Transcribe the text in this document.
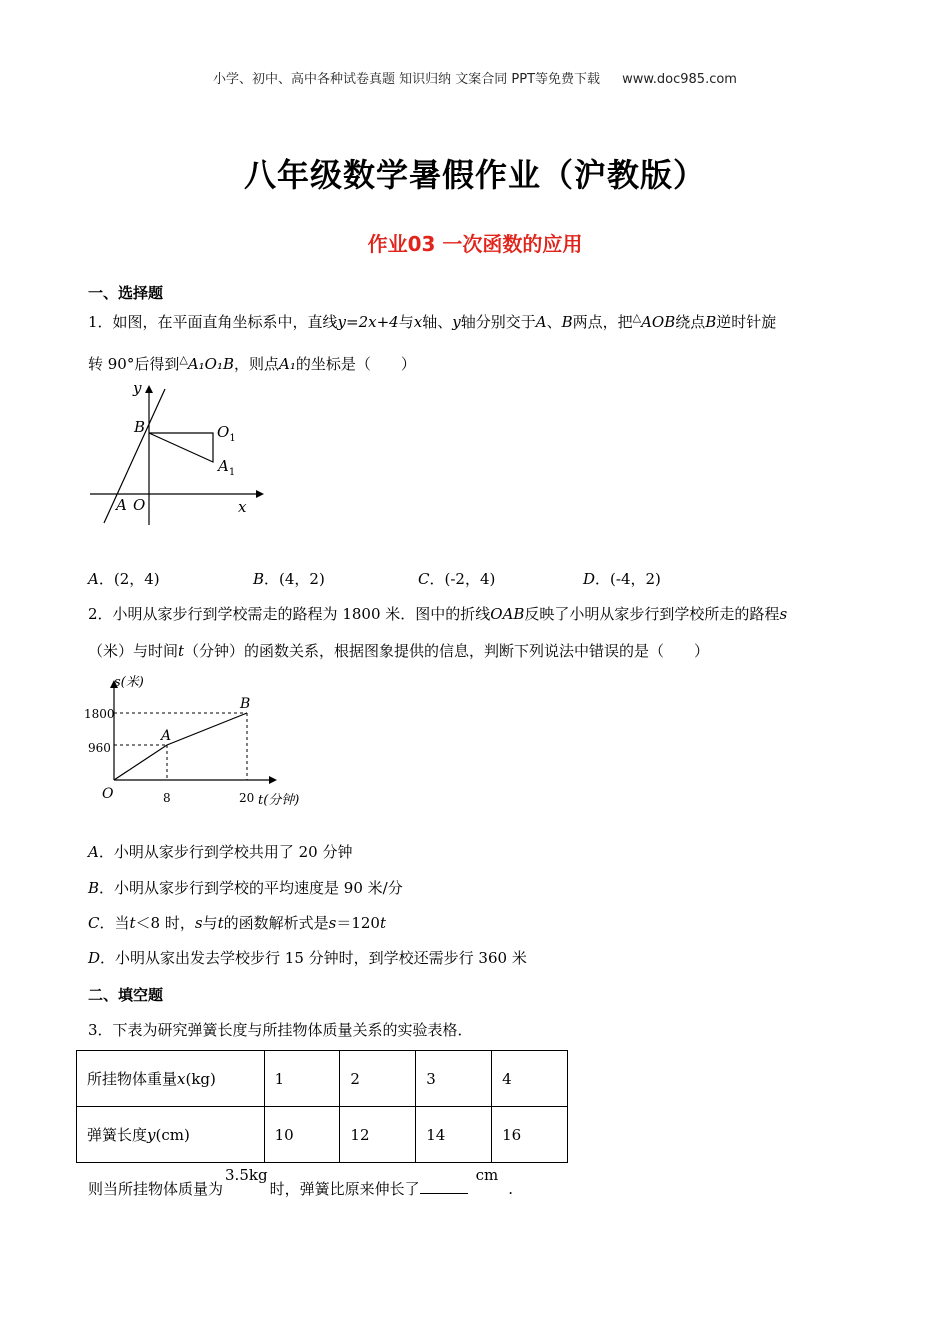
小学、初中、高中各种试卷真题 知识归纳 文案合同 PPT等免费下载 www.doc985.com
八年级数学暑假作业（沪教版）
作业03 一次函数的应用
一、选择题
1．如图，在平面直角坐标系中，直线y=2x+4与x轴、y轴分别交于A、B两点，把△AOB绕点B逆时针旋
转 90°后得到△A₁O₁B，则点A₁的坐标是（　　）
y
x
B	$O_1$
$A_1$
A O
A．(2，4)	B．(4，2)	C．(-2，4)	D．(-4，2)
2．小明从家步行到学校需走的路程为 1800 米．图中的折线OAB反映了小明从家步行到学校所走的路程s
（米）与时间t（分钟）的函数关系，根据图象提供的信息，判断下列说法中错误的是（　　）
s(米)
1800
960
O	8	20 t(分钟)
A
B
A．小明从家步行到学校共用了 20 分钟
B．小明从家步行到学校的平均速度是 90 米/分
C．当t＜8 时，s与t的函数解析式是s＝120t
D．小明从家出发去学校步行 15 分钟时，到学校还需步行 360 米
二、填空题
3．下表为研究弹簧长度与所挂物体质量关系的实验表格．
所挂物体重量x(kg)	1	2	3	4
弹簧长度y(cm)	10	12	14	16
则当所挂物体质量为3.5kg时，弹簧比原来伸长了cm.
